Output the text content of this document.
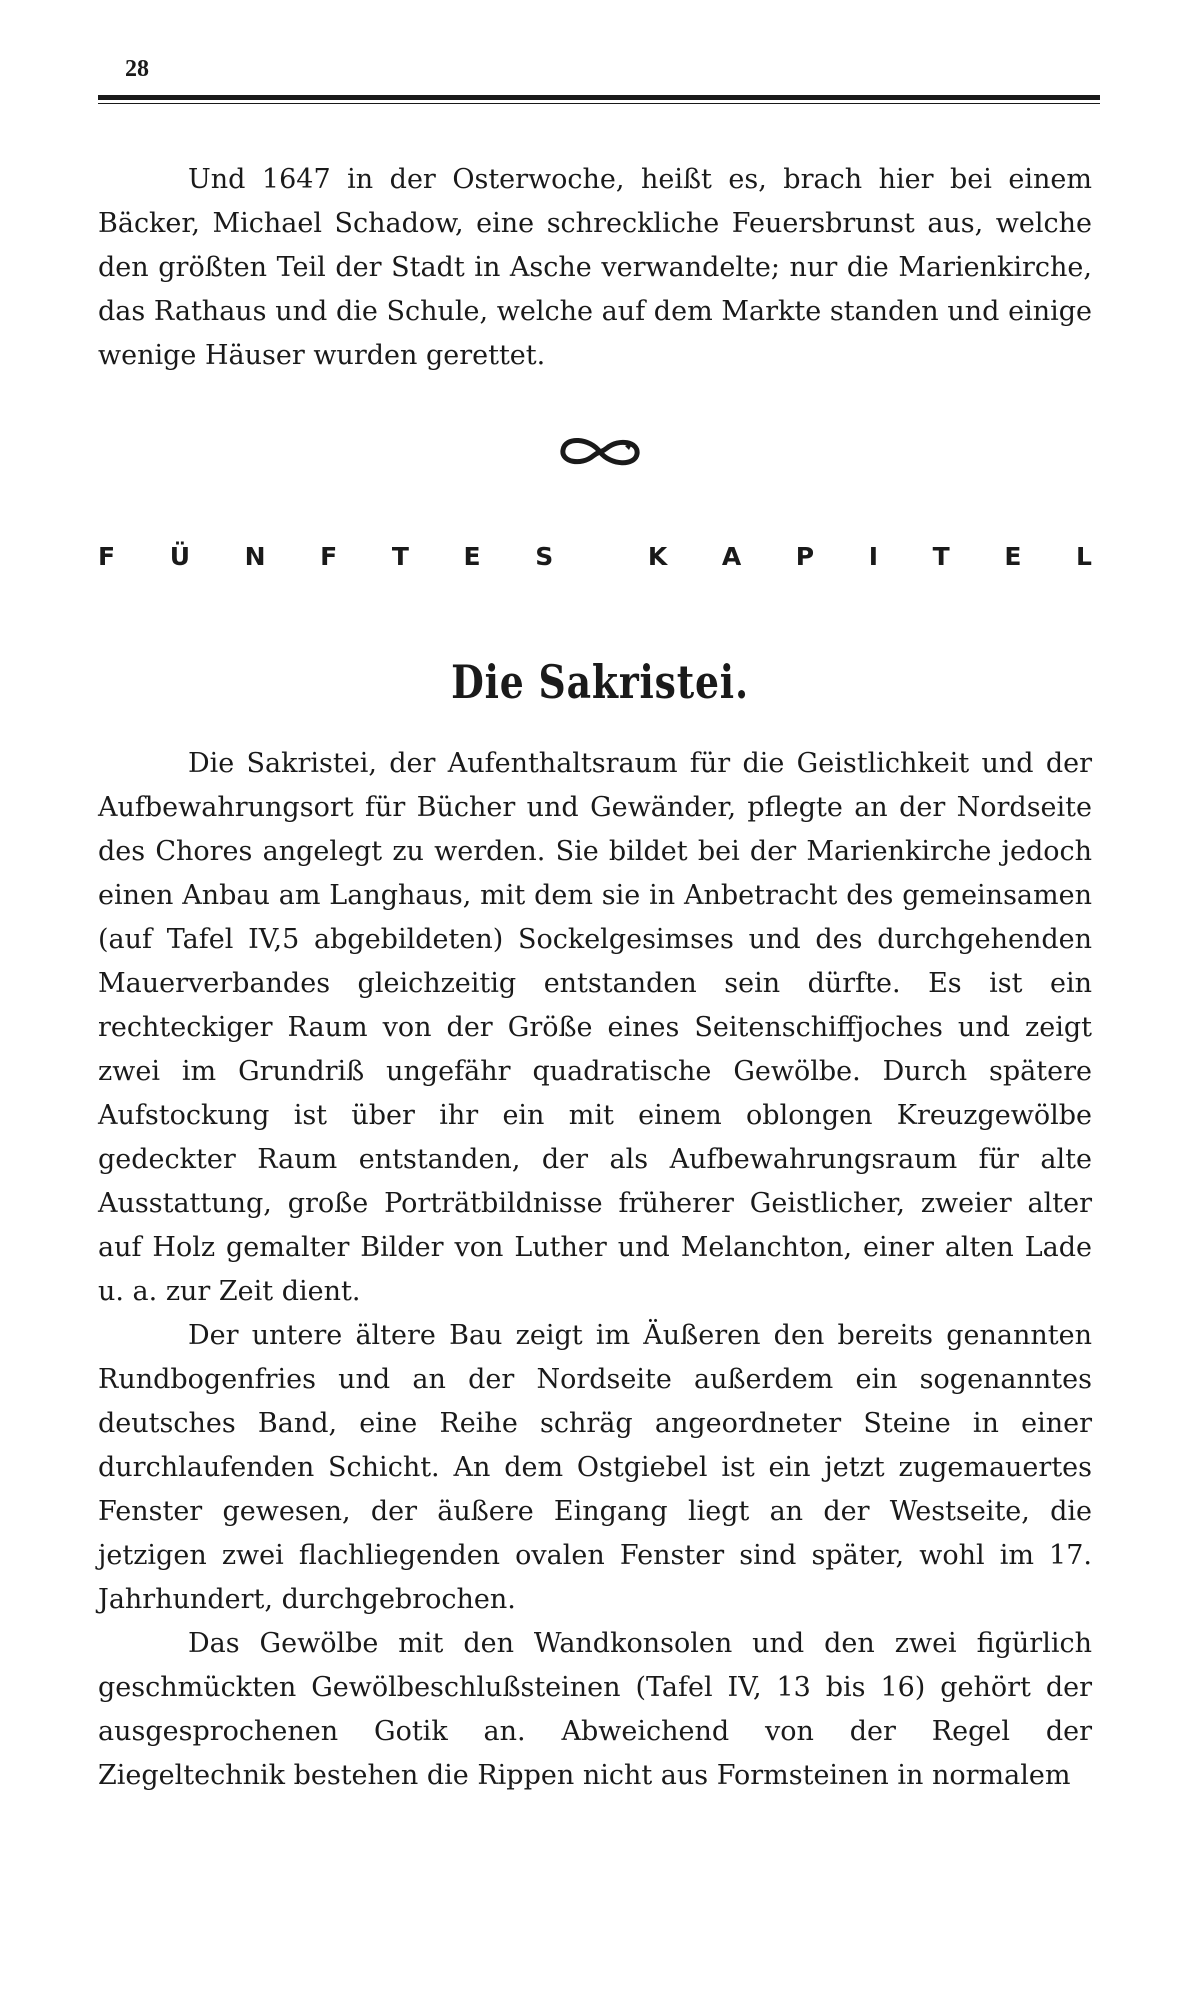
28

Und 1647 in der Osterwoche, heißt es, brach hier bei einem Bäcker, Michael Schadow, eine schreckliche Feuersbrunst aus, welche den größten Teil der Stadt in Asche verwandelte; nur die Marienkirche, das Rathaus und die Schule, welche auf dem Markte standen und einige wenige Häuser wurden gerettet.

F Ü N F T E S	K A P I T E L
Die Sakristei.

Die Sakristei, der Aufenthaltsraum für die Geistlichkeit und der Aufbewahrungsort für Bücher und Gewänder, pflegte an der Nordseite des Chores angelegt zu werden. Sie bildet bei der Marienkirche jedoch einen Anbau am Langhaus, mit dem sie in Anbetracht des gemeinsamen (auf Tafel IV,5 abgebildeten) Sockelgesimses und des durchgehenden Mauerverbandes gleichzeitig entstanden sein dürfte. Es ist ein rechteckiger Raum von der Größe eines Seitenschiffjoches und zeigt zwei im Grundriß ungefähr quadratische Gewölbe. Durch spätere Aufstockung ist über ihr ein mit einem oblongen Kreuzgewölbe gedeckter Raum entstanden, der als Aufbewahrungsraum für alte Ausstattung, große Porträtbildnisse früherer Geistlicher, zweier alter auf Holz gemalter Bilder von Luther und Melanchton, einer alten Lade u. a. zur Zeit dient.

Der untere ältere Bau zeigt im Äußeren den bereits genannten Rundbogenfries und an der Nordseite außerdem ein sogenanntes deutsches Band, eine Reihe schräg angeordneter Steine in einer durchlaufenden Schicht. An dem Ostgiebel ist ein jetzt zugemauertes Fenster gewesen, der äußere Eingang liegt an der Westseite, die jetzigen zwei flachliegenden ovalen Fenster sind später, wohl im 17. Jahrhundert, durchgebrochen.

Das Gewölbe mit den Wandkonsolen und den zwei figürlich geschmückten Gewölbeschlußsteinen (Tafel IV, 13 bis 16) gehört der ausgesprochenen Gotik an. Abweichend von der Regel der Ziegeltechnik bestehen die Rippen nicht aus Formsteinen in normalem
